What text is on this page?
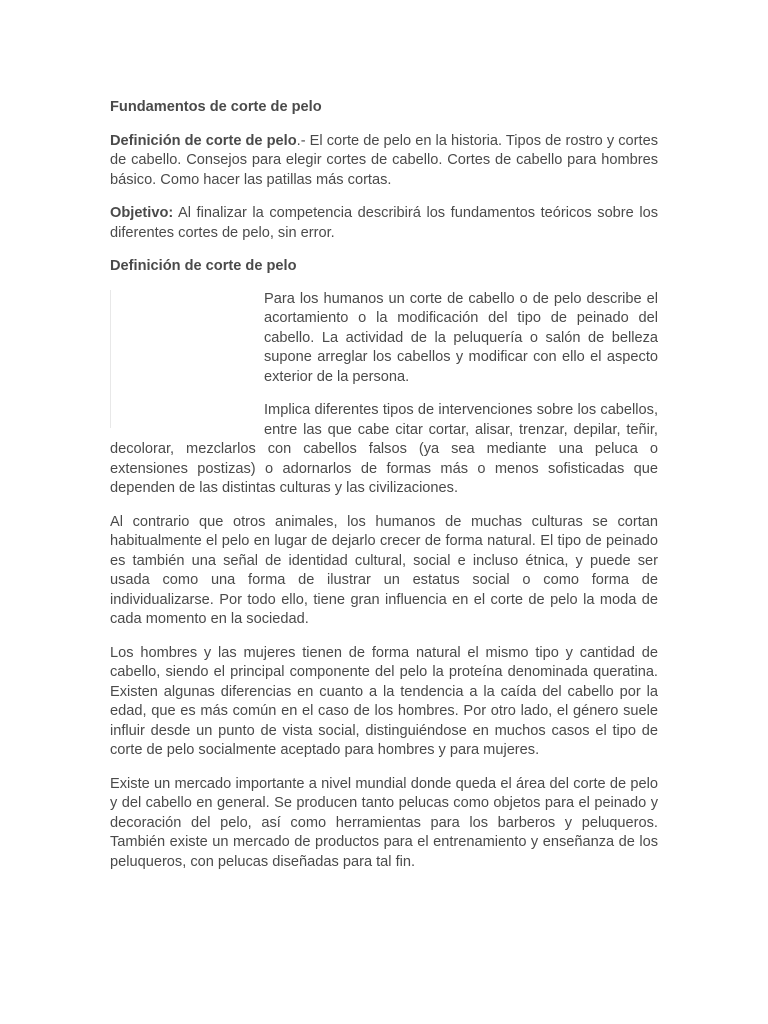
Fundamentos de corte de pelo

Definición de corte de pelo.- El corte de pelo en la historia. Tipos de rostro y cortes de cabello. Consejos para elegir cortes de cabello. Cortes de cabello para hombres básico. Como hacer las patillas más cortas.

Objetivo: Al finalizar la competencia describirá los fundamentos teóricos sobre los diferentes cortes de pelo, sin error.

Definición de corte de pelo

Para los humanos un corte de cabello o de pelo describe el acortamiento o la modificación del tipo de peinado del cabello. La actividad de la peluquería o salón de belleza supone arreglar los cabellos y modificar con ello el aspecto exterior de la persona.

Implica diferentes tipos de intervenciones sobre los cabellos, entre las que cabe citar cortar, alisar, trenzar, depilar, teñir, decolorar, mezclarlos con cabellos falsos (ya sea mediante una peluca o extensiones postizas) o adornarlos de formas más o menos sofisticadas que dependen de las distintas culturas y las civilizaciones.

Al contrario que otros animales, los humanos de muchas culturas se cortan habitualmente el pelo en lugar de dejarlo crecer de forma natural. El tipo de peinado es también una señal de identidad cultural, social e incluso étnica, y puede ser usada como una forma de ilustrar un estatus social o como forma de individualizarse. Por todo ello, tiene gran influencia en el corte de pelo la moda de cada momento en la sociedad.

Los hombres y las mujeres tienen de forma natural el mismo tipo y cantidad de cabello, siendo el principal componente del pelo la proteína denominada queratina. Existen algunas diferencias en cuanto a la tendencia a la caída del cabello por la edad, que es más común en el caso de los hombres. Por otro lado, el género suele influir desde un punto de vista social, distinguiéndose en muchos casos el tipo de corte de pelo socialmente aceptado para hombres y para mujeres.

Existe un mercado importante a nivel mundial donde queda el área del corte de pelo y del cabello en general. Se producen tanto pelucas como objetos para el peinado y decoración del pelo, así como herramientas para los barberos y peluqueros. También existe un mercado de productos para el entrenamiento y enseñanza de los peluqueros, con pelucas diseñadas para tal fin.
